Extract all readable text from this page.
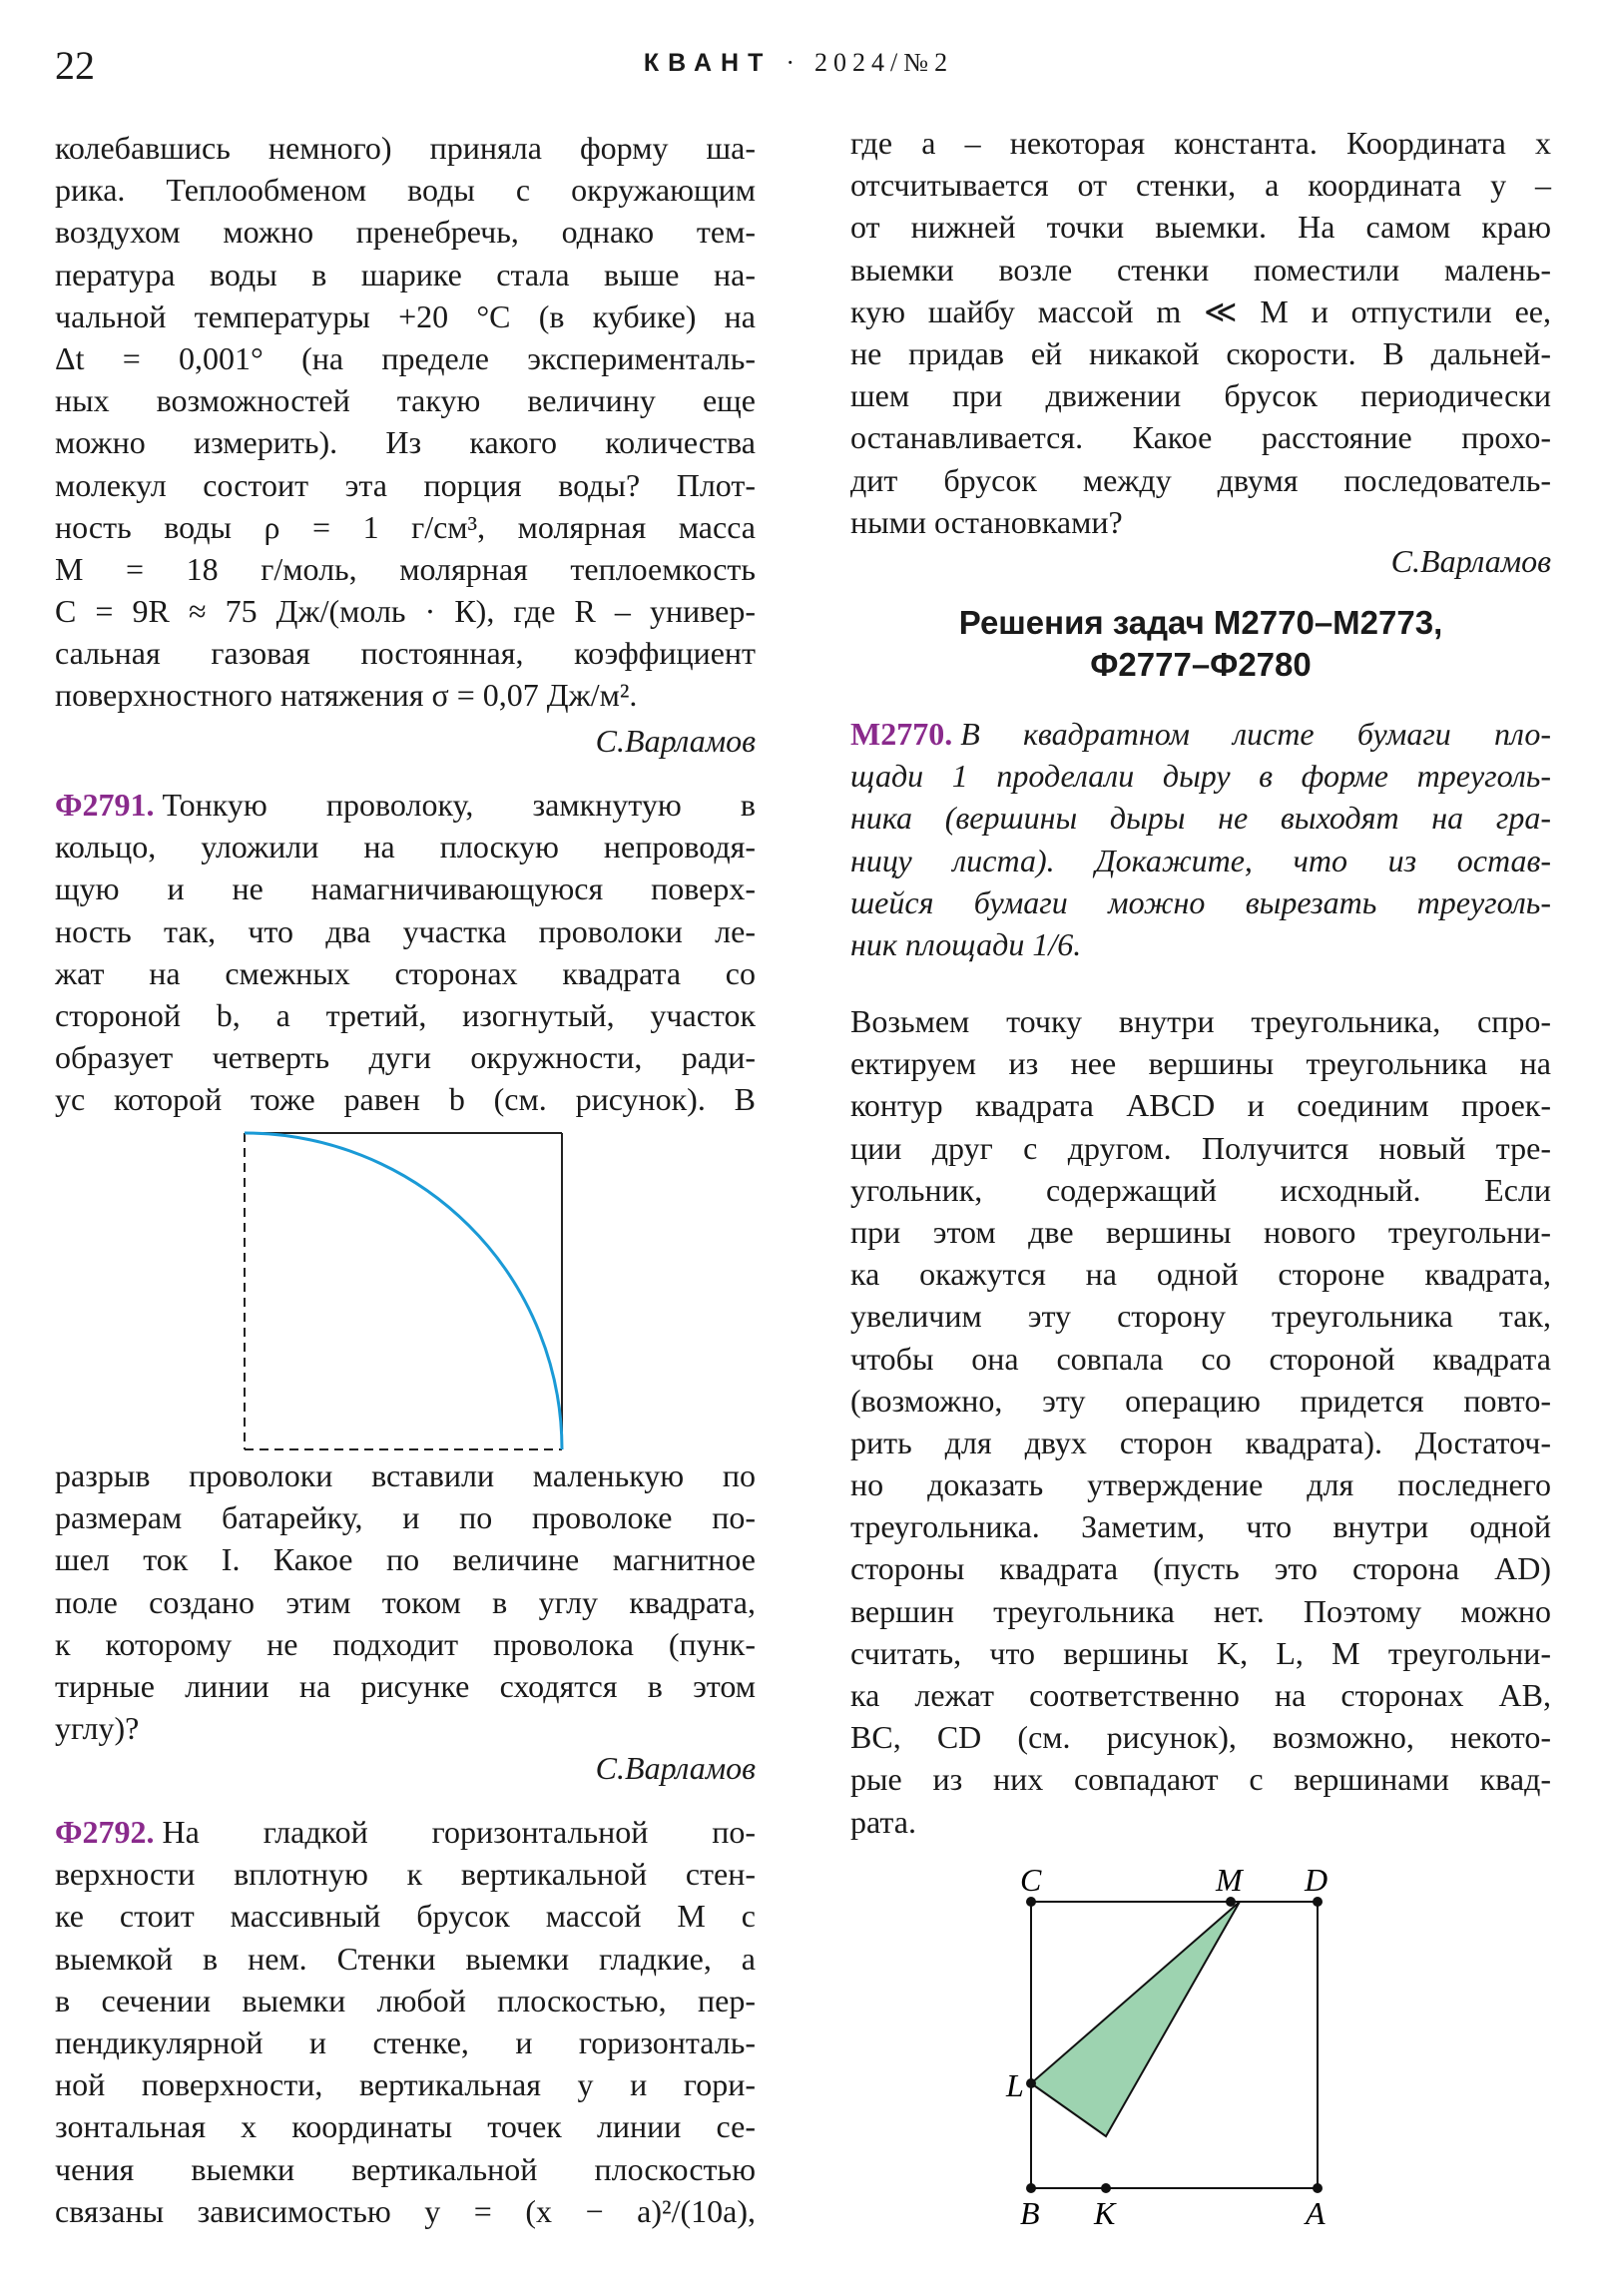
22	КВАНТ · 2024/№2
колебавшись немного) приняла форму ша-
рика. Теплообменом воды с окружающим
воздухом можно пренебречь, однако тем-
пература воды в шарике стала выше на-
чальной температуры +20 °С (в кубике) на
Δt = 0,001° (на пределе эксперименталь-
ных возможностей такую величину еще
можно измерить). Из какого количества
молекул состоит эта порция воды? Плот-
ность воды ρ = 1 г/см³, молярная масса
M = 18 г/моль, молярная теплоемкость
C = 9R ≈ 75 Дж/(моль · К), где R – универ-
сальная газовая постоянная, коэффициент
поверхностного натяжения σ = 0,07 Дж/м².
С.Варламов
Ф2791. Тонкую проволоку, замкнутую в
кольцо, уложили на плоскую непроводя-
щую и не намагничивающуюся поверх-
ность так, что два участка проволоки ле-
жат на смежных сторонах квадрата со
стороной b, а третий, изогнутый, участок
образует четверть дуги окружности, ради-
ус которой тоже равен b (см. рисунок). В
разрыв проволоки вставили маленькую по
размерам батарейку, и по проволоке по-
шел ток I. Какое по величине магнитное
поле создано этим током в углу квадрата,
к которому не подходит проволока (пунк-
тирные линии на рисунке сходятся в этом
углу)?
С.Варламов
Ф2792. На гладкой горизонтальной по-
верхности вплотную к вертикальной стен-
ке стоит массивный брусок массой M с
выемкой в нем. Стенки выемки гладкие, а
в сечении выемки любой плоскостью, пер-
пендикулярной и стенке, и горизонталь-
ной поверхности, вертикальная y и гори-
зонтальная x координаты точек линии се-
чения выемки вертикальной плоскостью
связаны зависимостью y = (x − a)²/(10a),
где a – некоторая константа. Координата x
отсчитывается от стенки, а координата y –
от нижней точки выемки. На самом краю
выемки возле стенки поместили малень-
кую шайбу массой m ≪ M и отпустили ее,
не придав ей никакой скорости. В дальней-
шем при движении брусок периодически
останавливается. Какое расстояние прохо-
дит брусок между двумя последователь-
ными остановками?
С.Варламов
Решения задач М2770–М2773,
Ф2777–Ф2780
М2770. В квадратном листе бумаги пло-
щади 1 проделали дыру в форме треуголь-
ника (вершины дыры не выходят на гра-
ницу листа). Докажите, что из остав-
шейся бумаги можно вырезать треуголь-
ник площади 1/6.
Возьмем точку внутри треугольника, спро-
ектируем из нее вершины треугольника на
контур квадрата ABCD и соединим проек-
ции друг с другом. Получится новый тре-
угольник, содержащий исходный. Если
при этом две вершины нового треугольни-
ка окажутся на одной стороне квадрата,
увеличим эту сторону треугольника так,
чтобы она совпала со стороной квадрата
(возможно, эту операцию придется повто-
рить для двух сторон квадрата). Достаточ-
но доказать утверждение для последнего
треугольника. Заметим, что внутри одной
стороны квадрата (пусть это сторона AD)
вершин треугольника нет. Поэтому можно
считать, что вершины K, L, M треугольни-
ка лежат соответственно на сторонах AB,
BC, CD (см. рисунок), возможно, некото-
рые из них совпадают с вершинами квад-
рата.
C	M D
L
B K	A
